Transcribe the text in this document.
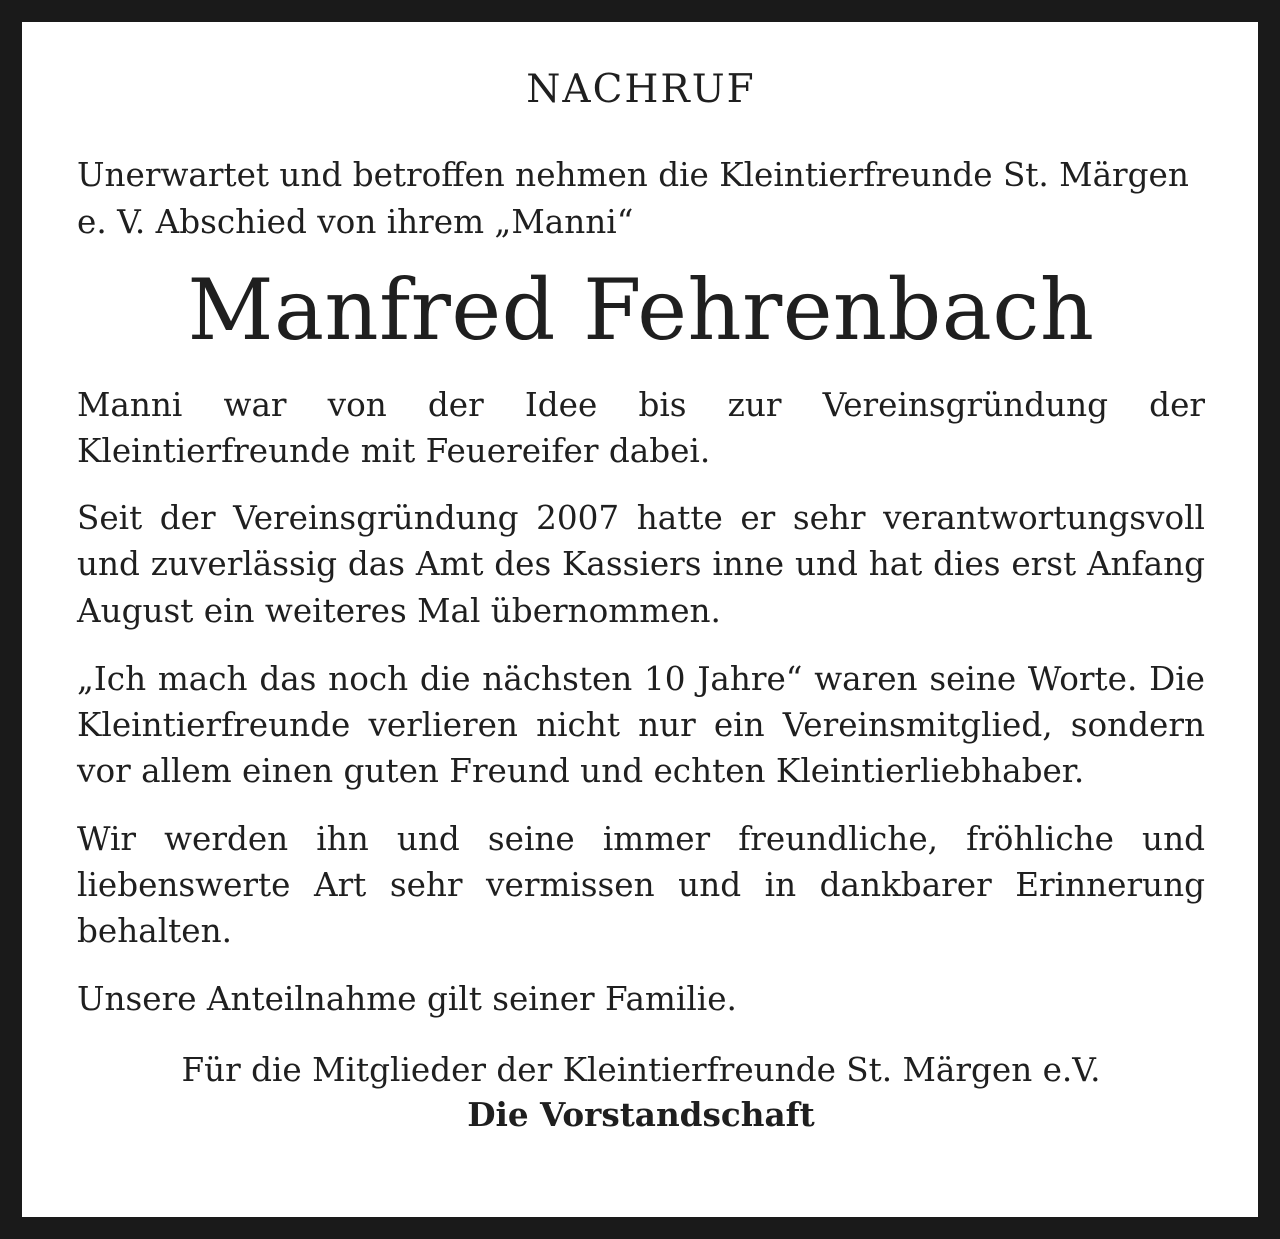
NACHRUF

Unerwartet und betroffen nehmen die Kleintierfreunde St. Märgen e. V. Abschied von ihrem „Manni“

Manfred Fehrenbach

Manni war von der Idee bis zur Vereinsgründung der Kleintierfreunde mit Feuereifer dabei.

Seit der Vereinsgründung 2007 hatte er sehr verantwortungsvoll und zuverlässig das Amt des Kassiers inne und hat dies erst Anfang August ein weiteres Mal übernommen.

„Ich mach das noch die nächsten 10 Jahre“ waren seine Worte. Die Kleintierfreunde verlieren nicht nur ein Vereinsmitglied, sondern vor allem einen guten Freund und echten Kleintierliebhaber.

Wir werden ihn und seine immer freundliche, fröhliche und liebenswerte Art sehr vermissen und in dankbarer Erinnerung behalten.

Unsere Anteilnahme gilt seiner Familie.

Für die Mitglieder der Kleintierfreunde St. Märgen e.V.

Die Vorstandschaft
